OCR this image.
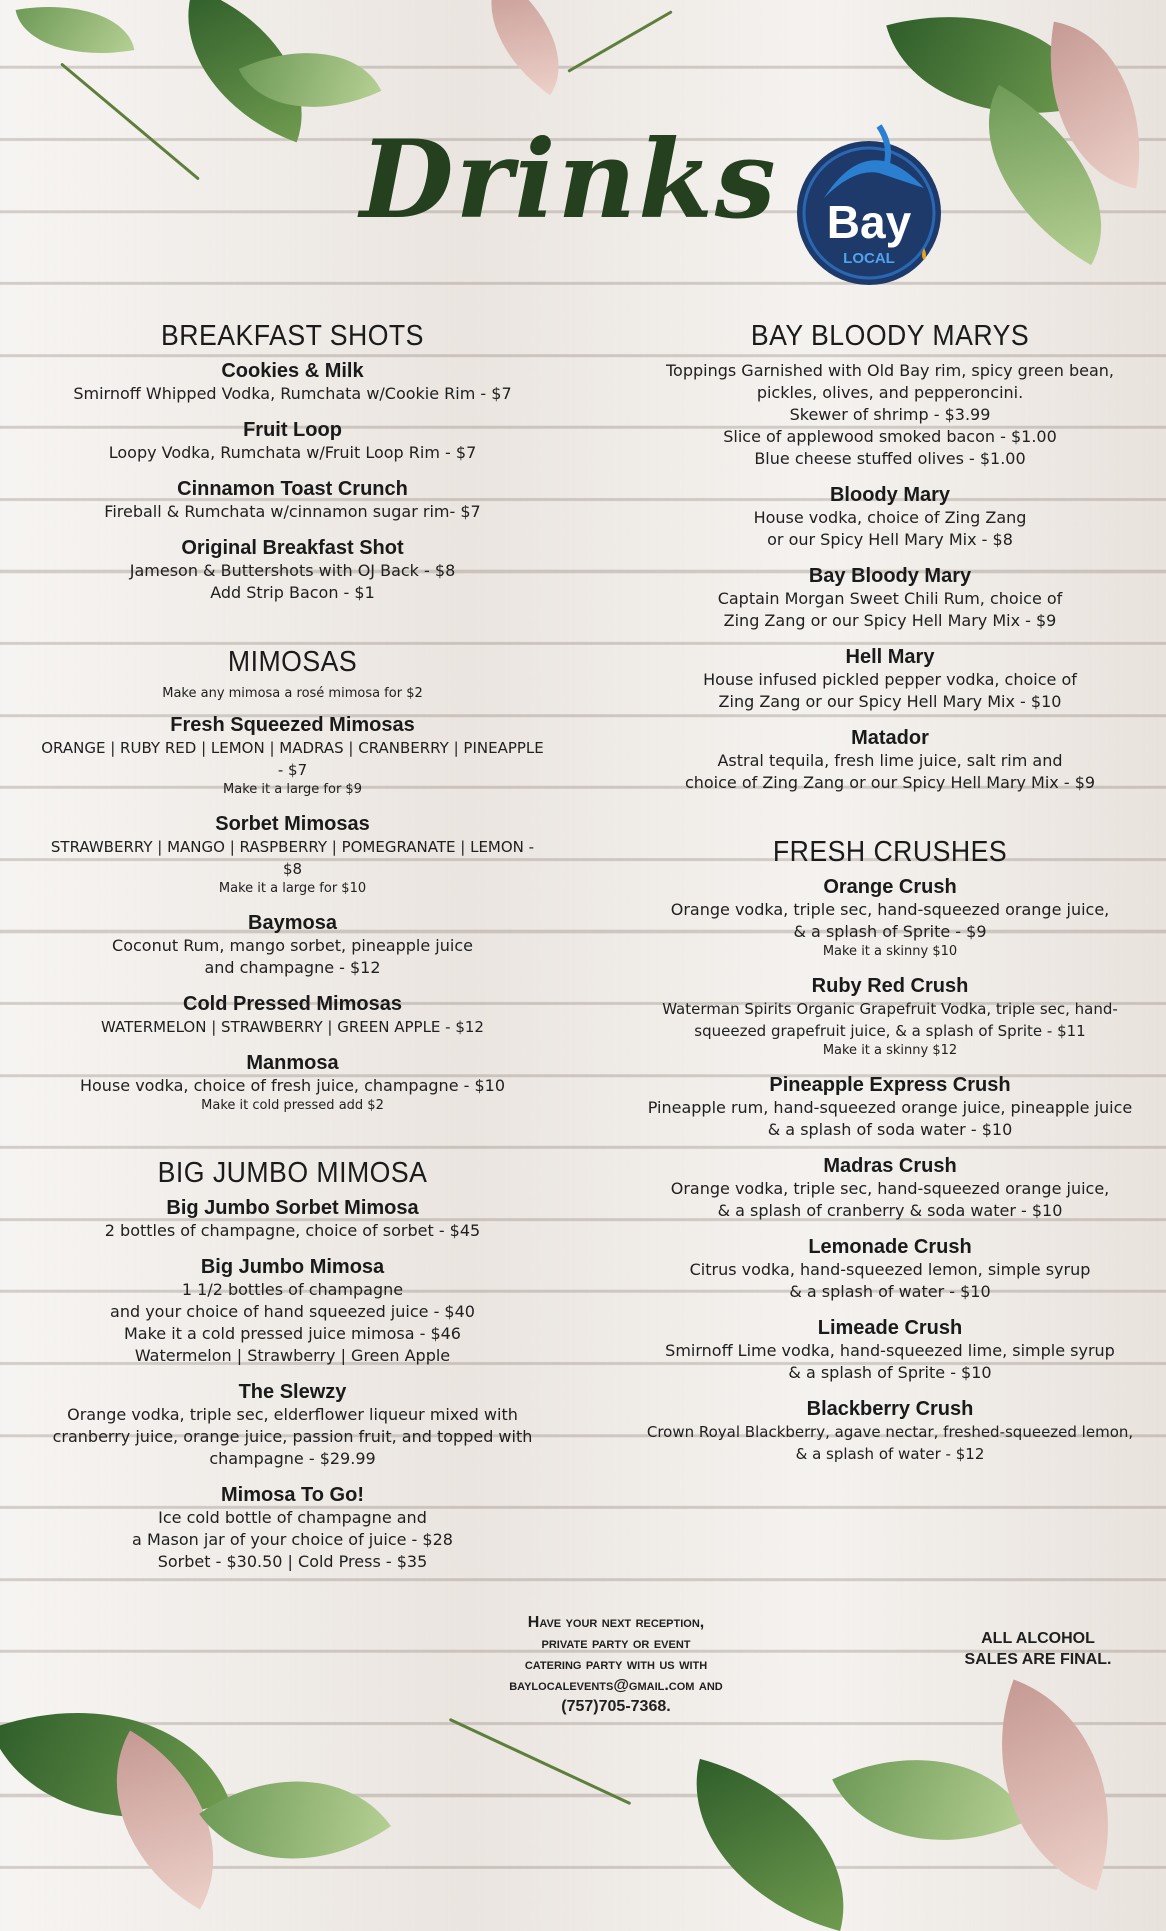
Drinks Bay
LOCAL
BREAKFAST SHOTS
Cookies & Milk
Smirnoff Whipped Vodka, Rumchata w/Cookie Rim - $7
Fruit Loop
Loopy Vodka, Rumchata w/Fruit Loop Rim - $7
Cinnamon Toast Crunch
Fireball & Rumchata w/cinnamon sugar rim- $7
Original Breakfast Shot
Jameson & Buttershots with OJ Back - $8
Add Strip Bacon - $1
MIMOSAS
Make any mimosa a rosé mimosa for $2
Fresh Squeezed Mimosas
ORANGE | RUBY RED | LEMON | MADRAS | CRANBERRY | PINEAPPLE - $7
Make it a large for $9
Sorbet Mimosas
STRAWBERRY | MANGO | RASPBERRY | POMEGRANATE | LEMON - $8
Make it a large for $10
Baymosa
Coconut Rum, mango sorbet, pineapple juice
and champagne - $12
Cold Pressed Mimosas
WATERMELON | STRAWBERRY | GREEN APPLE - $12
Manmosa
House vodka, choice of fresh juice, champagne - $10
Make it cold pressed add $2
BIG JUMBO MIMOSA
Big Jumbo Sorbet Mimosa
2 bottles of champagne, choice of sorbet - $45
Big Jumbo Mimosa
1 1/2 bottles of champagne
and your choice of hand squeezed juice - $40
Make it a cold pressed juice mimosa - $46
Watermelon | Strawberry | Green Apple
The Slewzy
Orange vodka, triple sec, elderflower liqueur mixed with
cranberry juice, orange juice, passion fruit, and topped with
champagne - $29.99
Mimosa To Go!
Ice cold bottle of champagne and
a Mason jar of your choice of juice - $28
Sorbet - $30.50 | Cold Press - $35
BAY BLOODY MARYS
Toppings Garnished with Old Bay rim, spicy green bean,
pickles, olives, and pepperoncini.
Skewer of shrimp - $3.99
Slice of applewood smoked bacon - $1.00
Blue cheese stuffed olives - $1.00
Bloody Mary
House vodka, choice of Zing Zang
or our Spicy Hell Mary Mix - $8
Bay Bloody Mary
Captain Morgan Sweet Chili Rum, choice of
Zing Zang or our Spicy Hell Mary Mix - $9
Hell Mary
House infused pickled pepper vodka, choice of
Zing Zang or our Spicy Hell Mary Mix - $10
Matador
Astral tequila, fresh lime juice, salt rim and
choice of Zing Zang or our Spicy Hell Mary Mix - $9
FRESH CRUSHES
Orange Crush
Orange vodka, triple sec, hand-squeezed orange juice,
& a splash of Sprite - $9
Make it a skinny $10
Ruby Red Crush
Waterman Spirits Organic Grapefruit Vodka, triple sec, hand-
squeezed grapefruit juice, & a splash of Sprite - $11
Make it a skinny $12
Pineapple Express Crush
Pineapple rum, hand-squeezed orange juice, pineapple juice
& a splash of soda water - $10
Madras Crush
Orange vodka, triple sec, hand-squeezed orange juice,
& a splash of cranberry & soda water - $10
Lemonade Crush
Citrus vodka, hand-squeezed lemon, simple syrup
& a splash of water - $10
Limeade Crush
Smirnoff Lime vodka, hand-squeezed lime, simple syrup
& a splash of Sprite - $10
Blackberry Crush
Crown Royal Blackberry, agave nectar, freshed-squeezed lemon,
& a splash of water - $12
Have your next reception,
private party or event
catering party with us with
baylocalevents@gmail.com and
(757)705-7368.
ALL ALCOHOL
SALES ARE FINAL.
